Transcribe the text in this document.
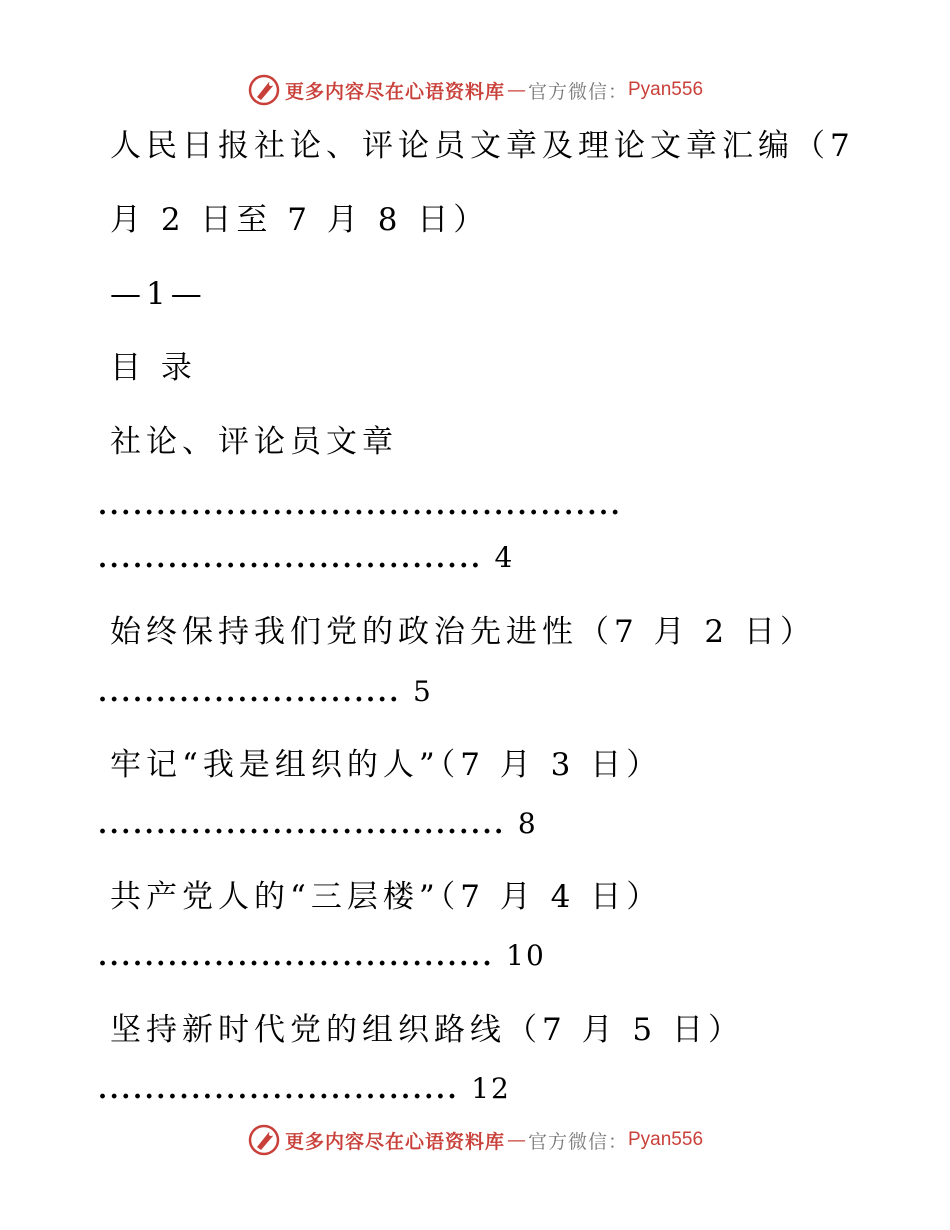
更多内容尽在心语资料库 — 官方微信： Pyan556
人民日报社论、评论员文章及理论文章汇编（7
月 2 日至 7 月 8 日）
—1—
目 录
社论、评论员文章
.............................................
................................. 4
始终保持我们党的政治先进性（7 月 2 日）
.......................... 5
牢记“我是组织的人”（7 月 3 日）
................................... 8
共产党人的“三层楼”（7 月 4 日）
.................................. 10
坚持新时代党的组织路线（7 月 5 日）
............................... 12
更多内容尽在心语资料库 — 官方微信： Pyan556
